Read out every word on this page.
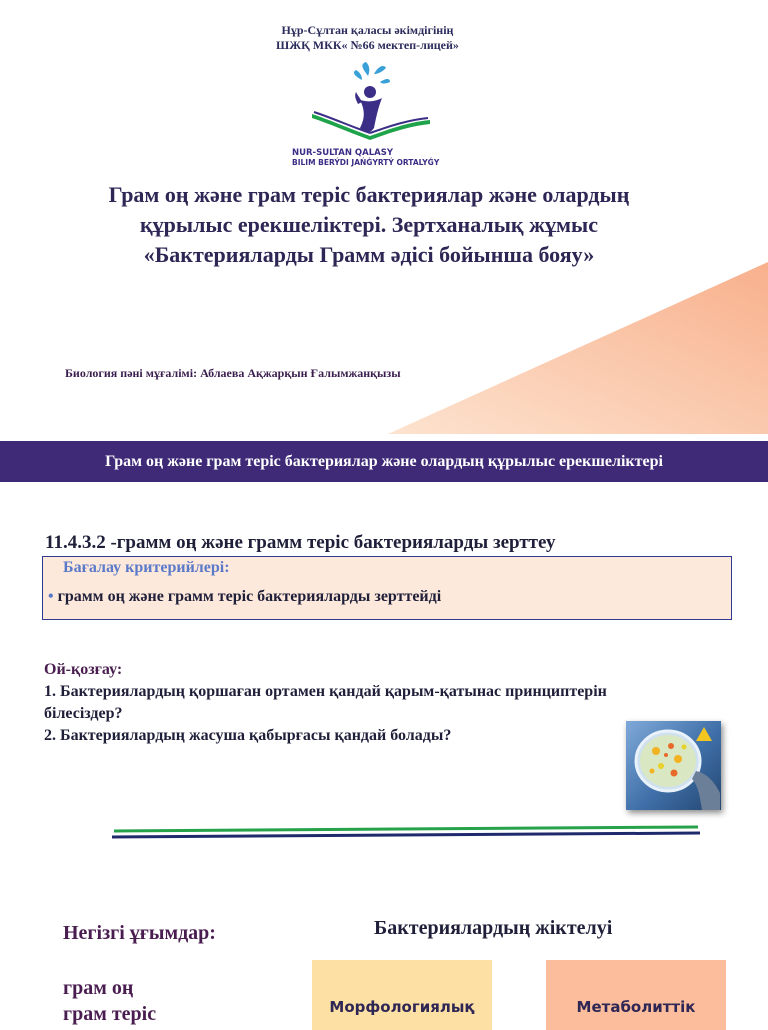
Нұр-Сұлтан қаласы әкімдігінің
ШЖҚ МКК« №66 мектеп-лицей»
NUR-SULTAN QALASY
BILIM BERÝDI JAŃǴYRTÝ ORTALYǴY
Грам оң және грам теріс бактериялар және олардың
құрылыс ерекшеліктері. Зертханалық жұмыс
«Бактерияларды Грамм әдісі бойынша бояу»
Биология пәні мұғалімі: Аблаева Ақжарқын Ғалымжанқызы
Грам оң және грам теріс бактериялар және олардың құрылыс ерекшеліктері
11.4.3.2 -грамм оң және грамм теріс бактерияларды зерттеу
Бағалау критерийлері:
• грамм оң және грамм теріс бактерияларды зерттейді
Ой-қозғау:
1. Бактериялардың қоршаған ортамен қандай қарым-қатынас принциптерін
білесіздер?
2. Бактериялардың жасуша қабырғасы қандай болады?
Негізгі ұғымдар:
грам оң
грам теріс
Бактериялардың жіктелуі
Морфологиялық	Метаболиттік
